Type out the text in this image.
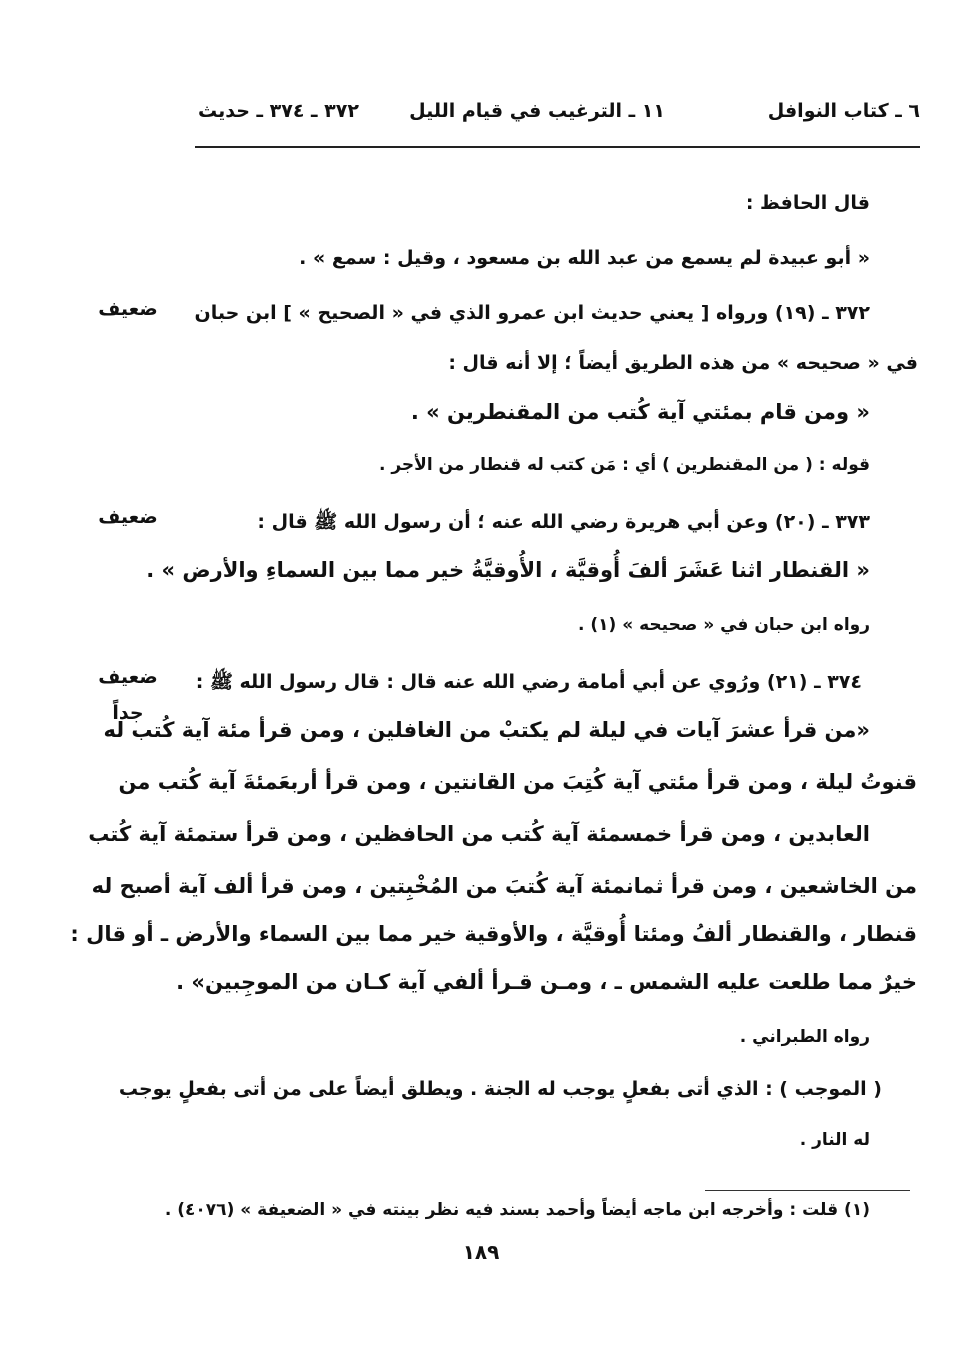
٦ ـ كتاب النوافل
١١ ـ الترغيب في قيام الليل
٣٧٢ ـ ٣٧٤ ـ حديث
قال الحافظ :
« أبو عبيدة لم يسمع من عبد الله بن مسعود ، وقيل : سمع » .
٣٧٢ ـ (١٩) ورواه [ يعني حديث ابن عمرو الذي في « الصحيح » ] ابن حبان
ضعيف
في « صحيحه » من هذه الطريق أيضاً ؛ إلا أنه قال :
« ومن قام بمئتي آية كُتب من المقنطرين » .
قوله : ( من المقنطرين ) أي : مَن كتب له قنطار من الأجر .
٣٧٣ ـ (٢٠) وعن أبي هريرة رضي الله عنه ؛ أن رسول الله ﷺ قال :
ضعيف
« القنطار اثنا عَشَرَ ألفَ أُوقيَّة ، الأُوقيَّةُ خير مما بين السماءِ والأرض » .
رواه ابن حبان في « صحيحه » (١) .
٣٧٤ ـ (٢١) ورُوي عن أبي أمامة رضي الله عنه قال : قال رسول الله ﷺ :
ضعيف
جداً
«من قرأ عشرَ آيات في ليلة لم يكتبْ من الغافلين ، ومن قرأ مئة آية كُتب له
قنوتُ ليلة ، ومن قرأ مئتي آية كُتِبَ من القانتين ، ومن قرأ أربعَمئةَ آية كُتب من
العابدين ، ومن قرأ خمسمئة آية كُتب من الحافظين ، ومن قرأ ستمئة آية كُتب
من الخاشعين ، ومن قرأ ثمانمئة آية كُتبَ من المُخْبِتين ، ومن قرأ ألف آية أصبح له
قنطار ، والقنطار ألفُ ومئتا أُوقيَّة ، والأوقية خير مما بين السماء والأرض ـ أو قال :
خيرٌ مما طلعت عليه الشمس ـ ، ومـن قـرأ ألفي آية كـان من الموجِبين» .
رواه الطبراني .
( الموجب ) : الذي أتى بفعلٍ يوجب له الجنة . ويطلق أيضاً على من أتى بفعلٍ يوجب
له النار .
(١) قلت : وأخرجه ابن ماجه أيضاً وأحمد بسند فيه نظر بينته في « الضعيفة » (٤٠٧٦) .
١٨٩
